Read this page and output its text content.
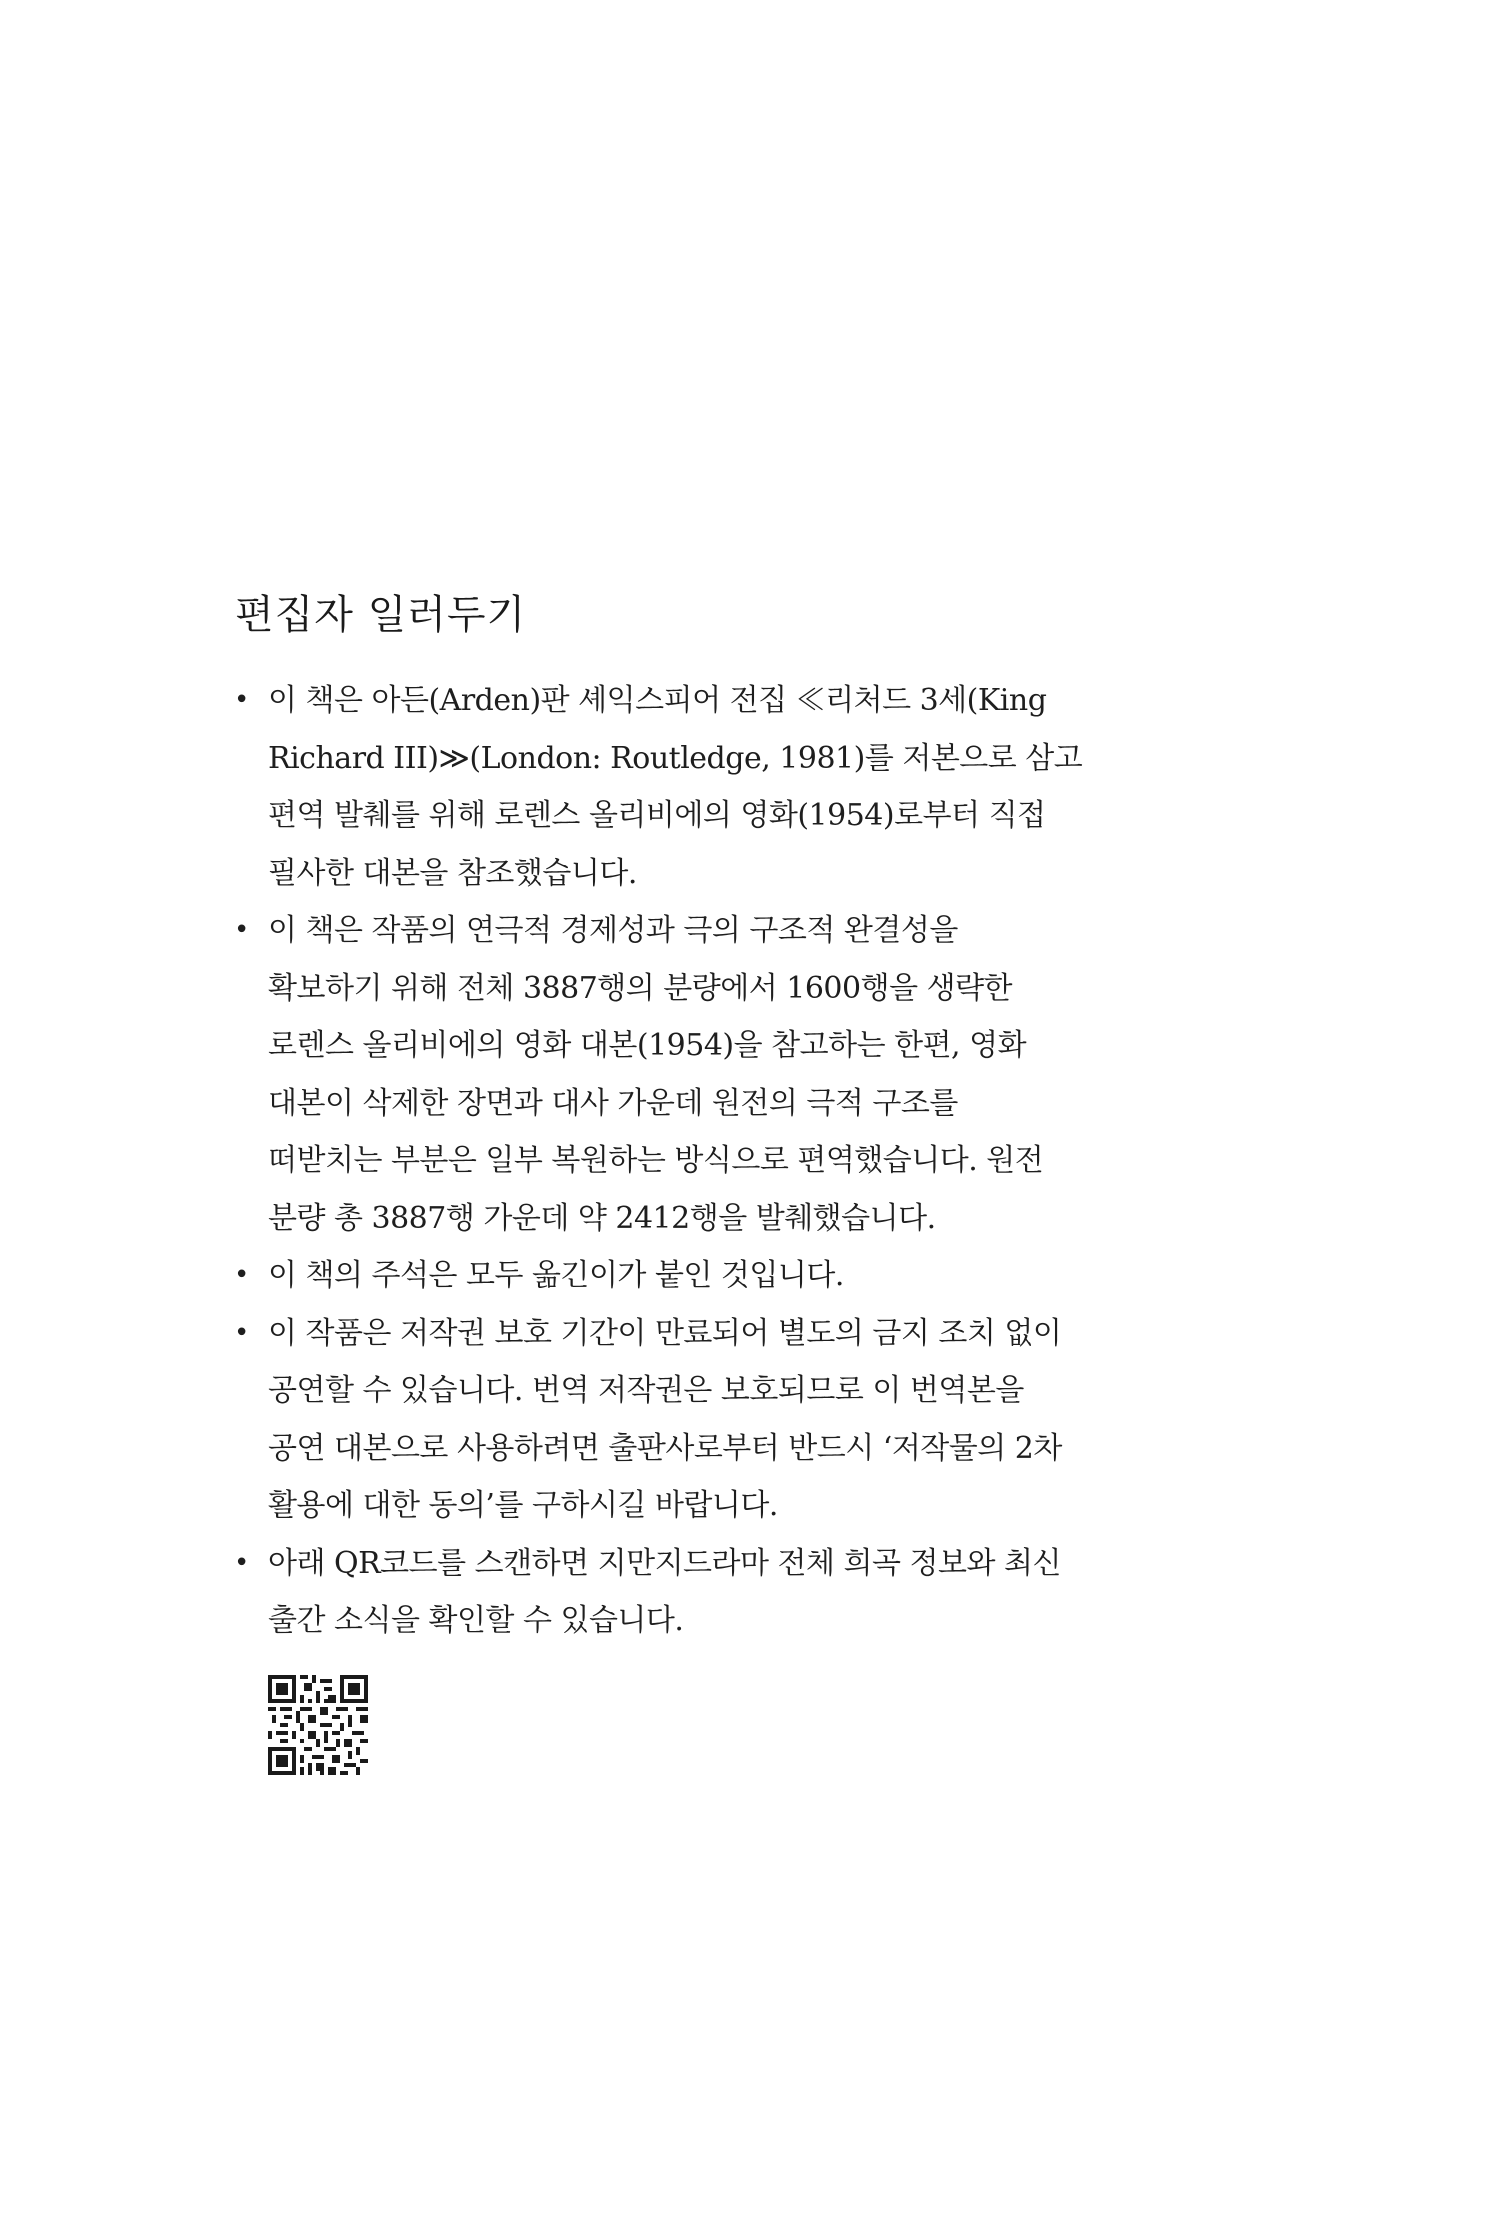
편집자 일러두기
• 이 책은 아든(Arden)판 셰익스피어 전집 ≪리처드 3세(King
Richard III)≫(London: Routledge, 1981)를 저본으로 삼고
편역 발췌를 위해 로렌스 올리비에의 영화(1954)로부터 직접
필사한 대본을 참조했습니다.
• 이 책은 작품의 연극적 경제성과 극의 구조적 완결성을
확보하기 위해 전체 3887행의 분량에서 1600행을 생략한
로렌스 올리비에의 영화 대본(1954)을 참고하는 한편, 영화
대본이 삭제한 장면과 대사 가운데 원전의 극적 구조를
떠받치는 부분은 일부 복원하는 방식으로 편역했습니다. 원전
분량 총 3887행 가운데 약 2412행을 발췌했습니다.
• 이 책의 주석은 모두 옮긴이가 붙인 것입니다.
• 이 작품은 저작권 보호 기간이 만료되어 별도의 금지 조치 없이
공연할 수 있습니다. 번역 저작권은 보호되므로 이 번역본을
공연 대본으로 사용하려면 출판사로부터 반드시 ‘저작물의 2차
활용에 대한 동의’를 구하시길 바랍니다.
• 아래 QR코드를 스캔하면 지만지드라마 전체 희곡 정보와 최신
출간 소식을 확인할 수 있습니다.
